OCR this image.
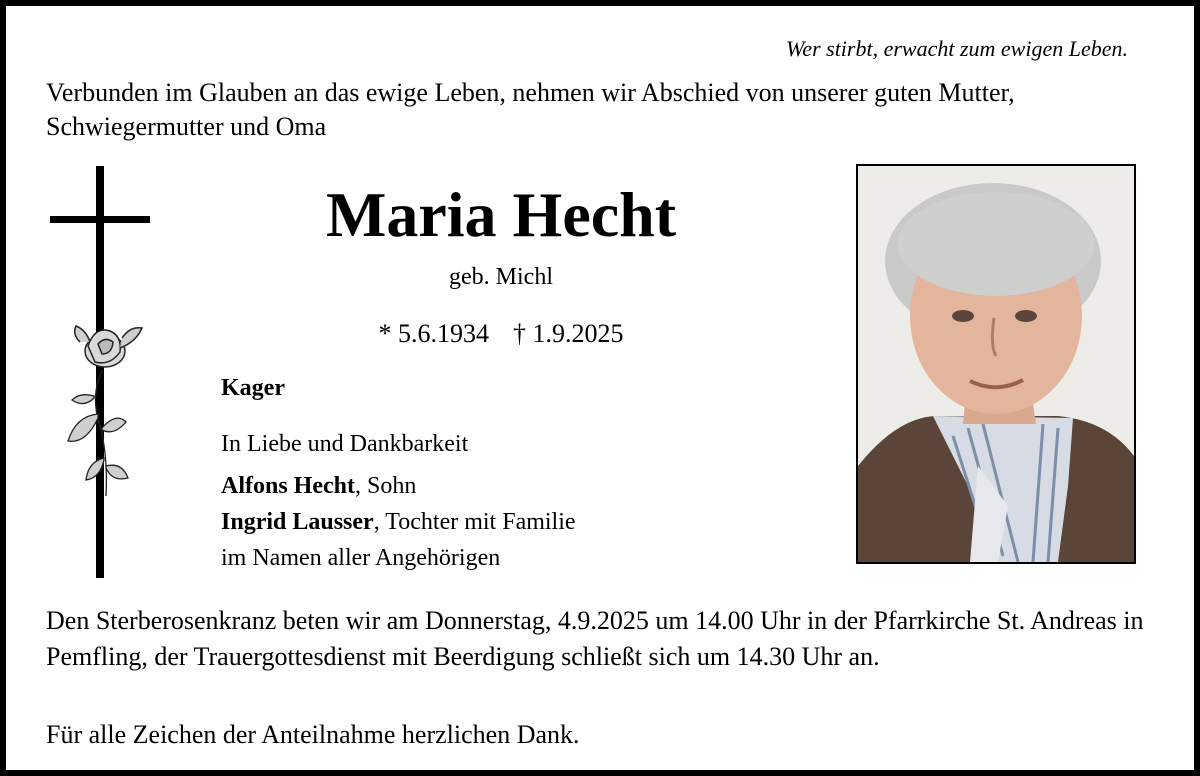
Wer stirbt, erwacht zum ewigen Leben.
Verbunden im Glauben an das ewige Leben, nehmen wir Abschied von unserer guten Mutter, Schwiegermutter und Oma
Maria Hecht
geb. Michl
* 5.6.1934 † 1.9.2025
Kager
In Liebe und Dankbarkeit
Alfons Hecht, Sohn
Ingrid Lausser, Tochter mit Familie
im Namen aller Angehörigen
Den Sterberosenkranz beten wir am Donnerstag, 4.9.2025 um 14.00 Uhr in der Pfarrkirche St. Andreas in Pemfling, der Trauergottesdienst mit Beerdigung schließt sich um 14.30 Uhr an.
Für alle Zeichen der Anteilnahme herzlichen Dank.
